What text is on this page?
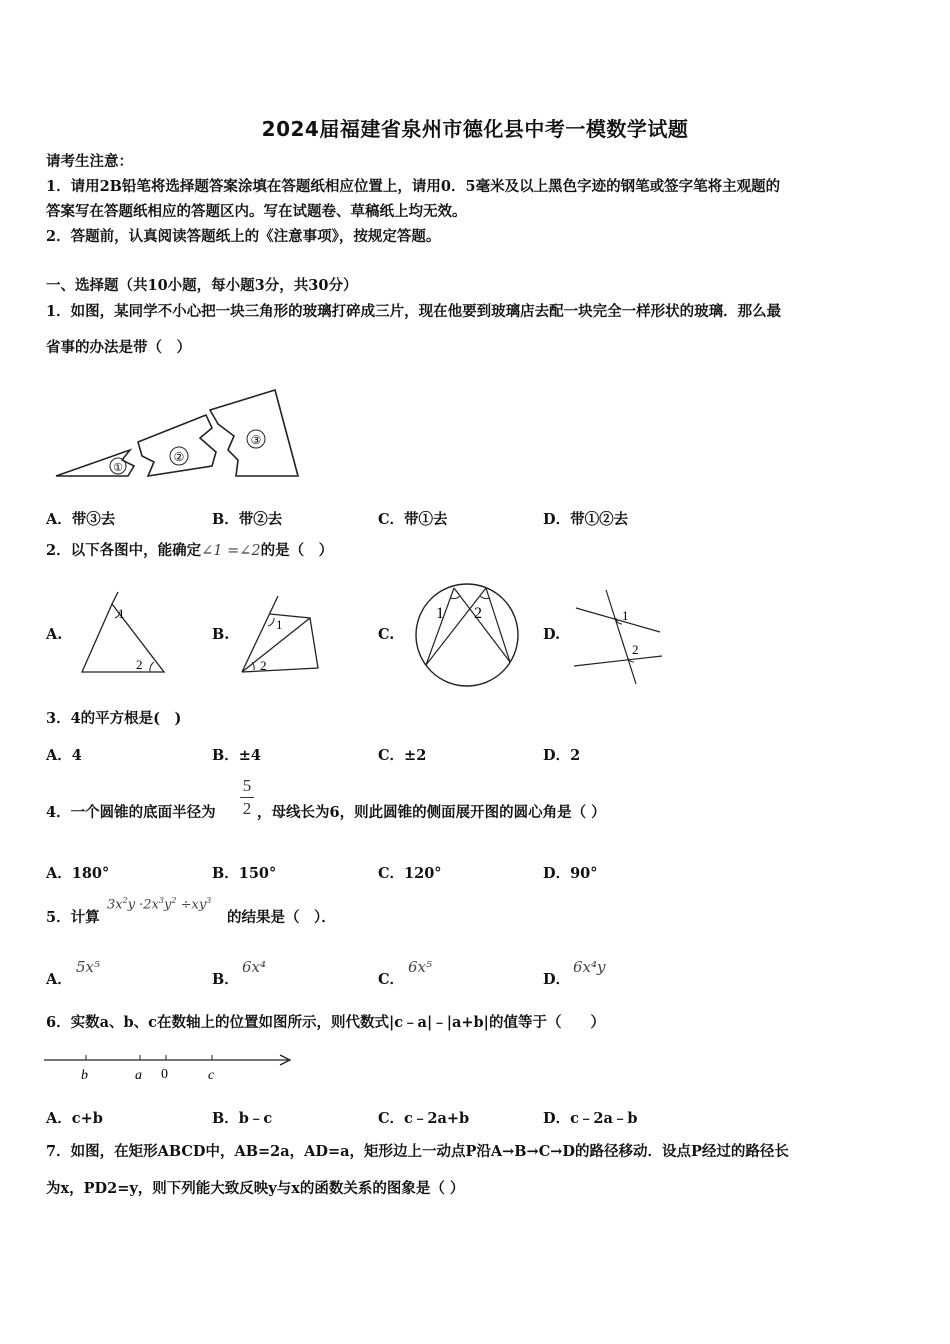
2024届福建省泉州市德化县中考一模数学试题
请考生注意：
1．请用2B铅笔将选择题答案涂填在答题纸相应位置上，请用0．5毫米及以上黑色字迹的钢笔或签字笔将主观题的
答案写在答题纸相应的答题区内。写在试题卷、草稿纸上均无效。
2．答题前，认真阅读答题纸上的《注意事项》，按规定答题。
一、选择题（共10小题，每小题3分，共30分）
1．如图，某同学不小心把一块三角形的玻璃打碎成三片，现在他要到玻璃店去配一块完全一样形状的玻璃．那么最
省事的办法是带（　）
①
②
③
A．带③去	B．带②去	C．带①去	D．带①②去
2．以下各图中，能确定∠1 =∠2的是（　）
A.
1
2
B.
1
2
C.
1 2
D.
1
2
3．4的平方根是(　)
A．4	B．±4	C．±2	D．2
4．一个圆锥的底面半径为
5
2 ，母线长为6，则此圆锥的侧面展开图的圆心角是（ ）
A．180°	B．150°	C．120°	D．90°
5．计算
$3x^2y \cdot 2x^3y^2 \div xy^3$
的结果是（　）．
A．
5x⁵
B．
6x⁴
C．
6x⁵
D．
6x⁴y
6．实数a、b、c在数轴上的位置如图所示，则代数式|c﹣a|﹣|a+b|的值等于（　　）
b	a 0	c
A．c+b	B．b﹣c	C．c﹣2a+b	D．c﹣2a﹣b
7．如图，在矩形ABCD中，AB=2a，AD=a，矩形边上一动点P沿A→B→C→D的路径移动．设点P经过的路径长
为x，PD2=y，则下列能大致反映y与x的函数关系的图象是（ ）
